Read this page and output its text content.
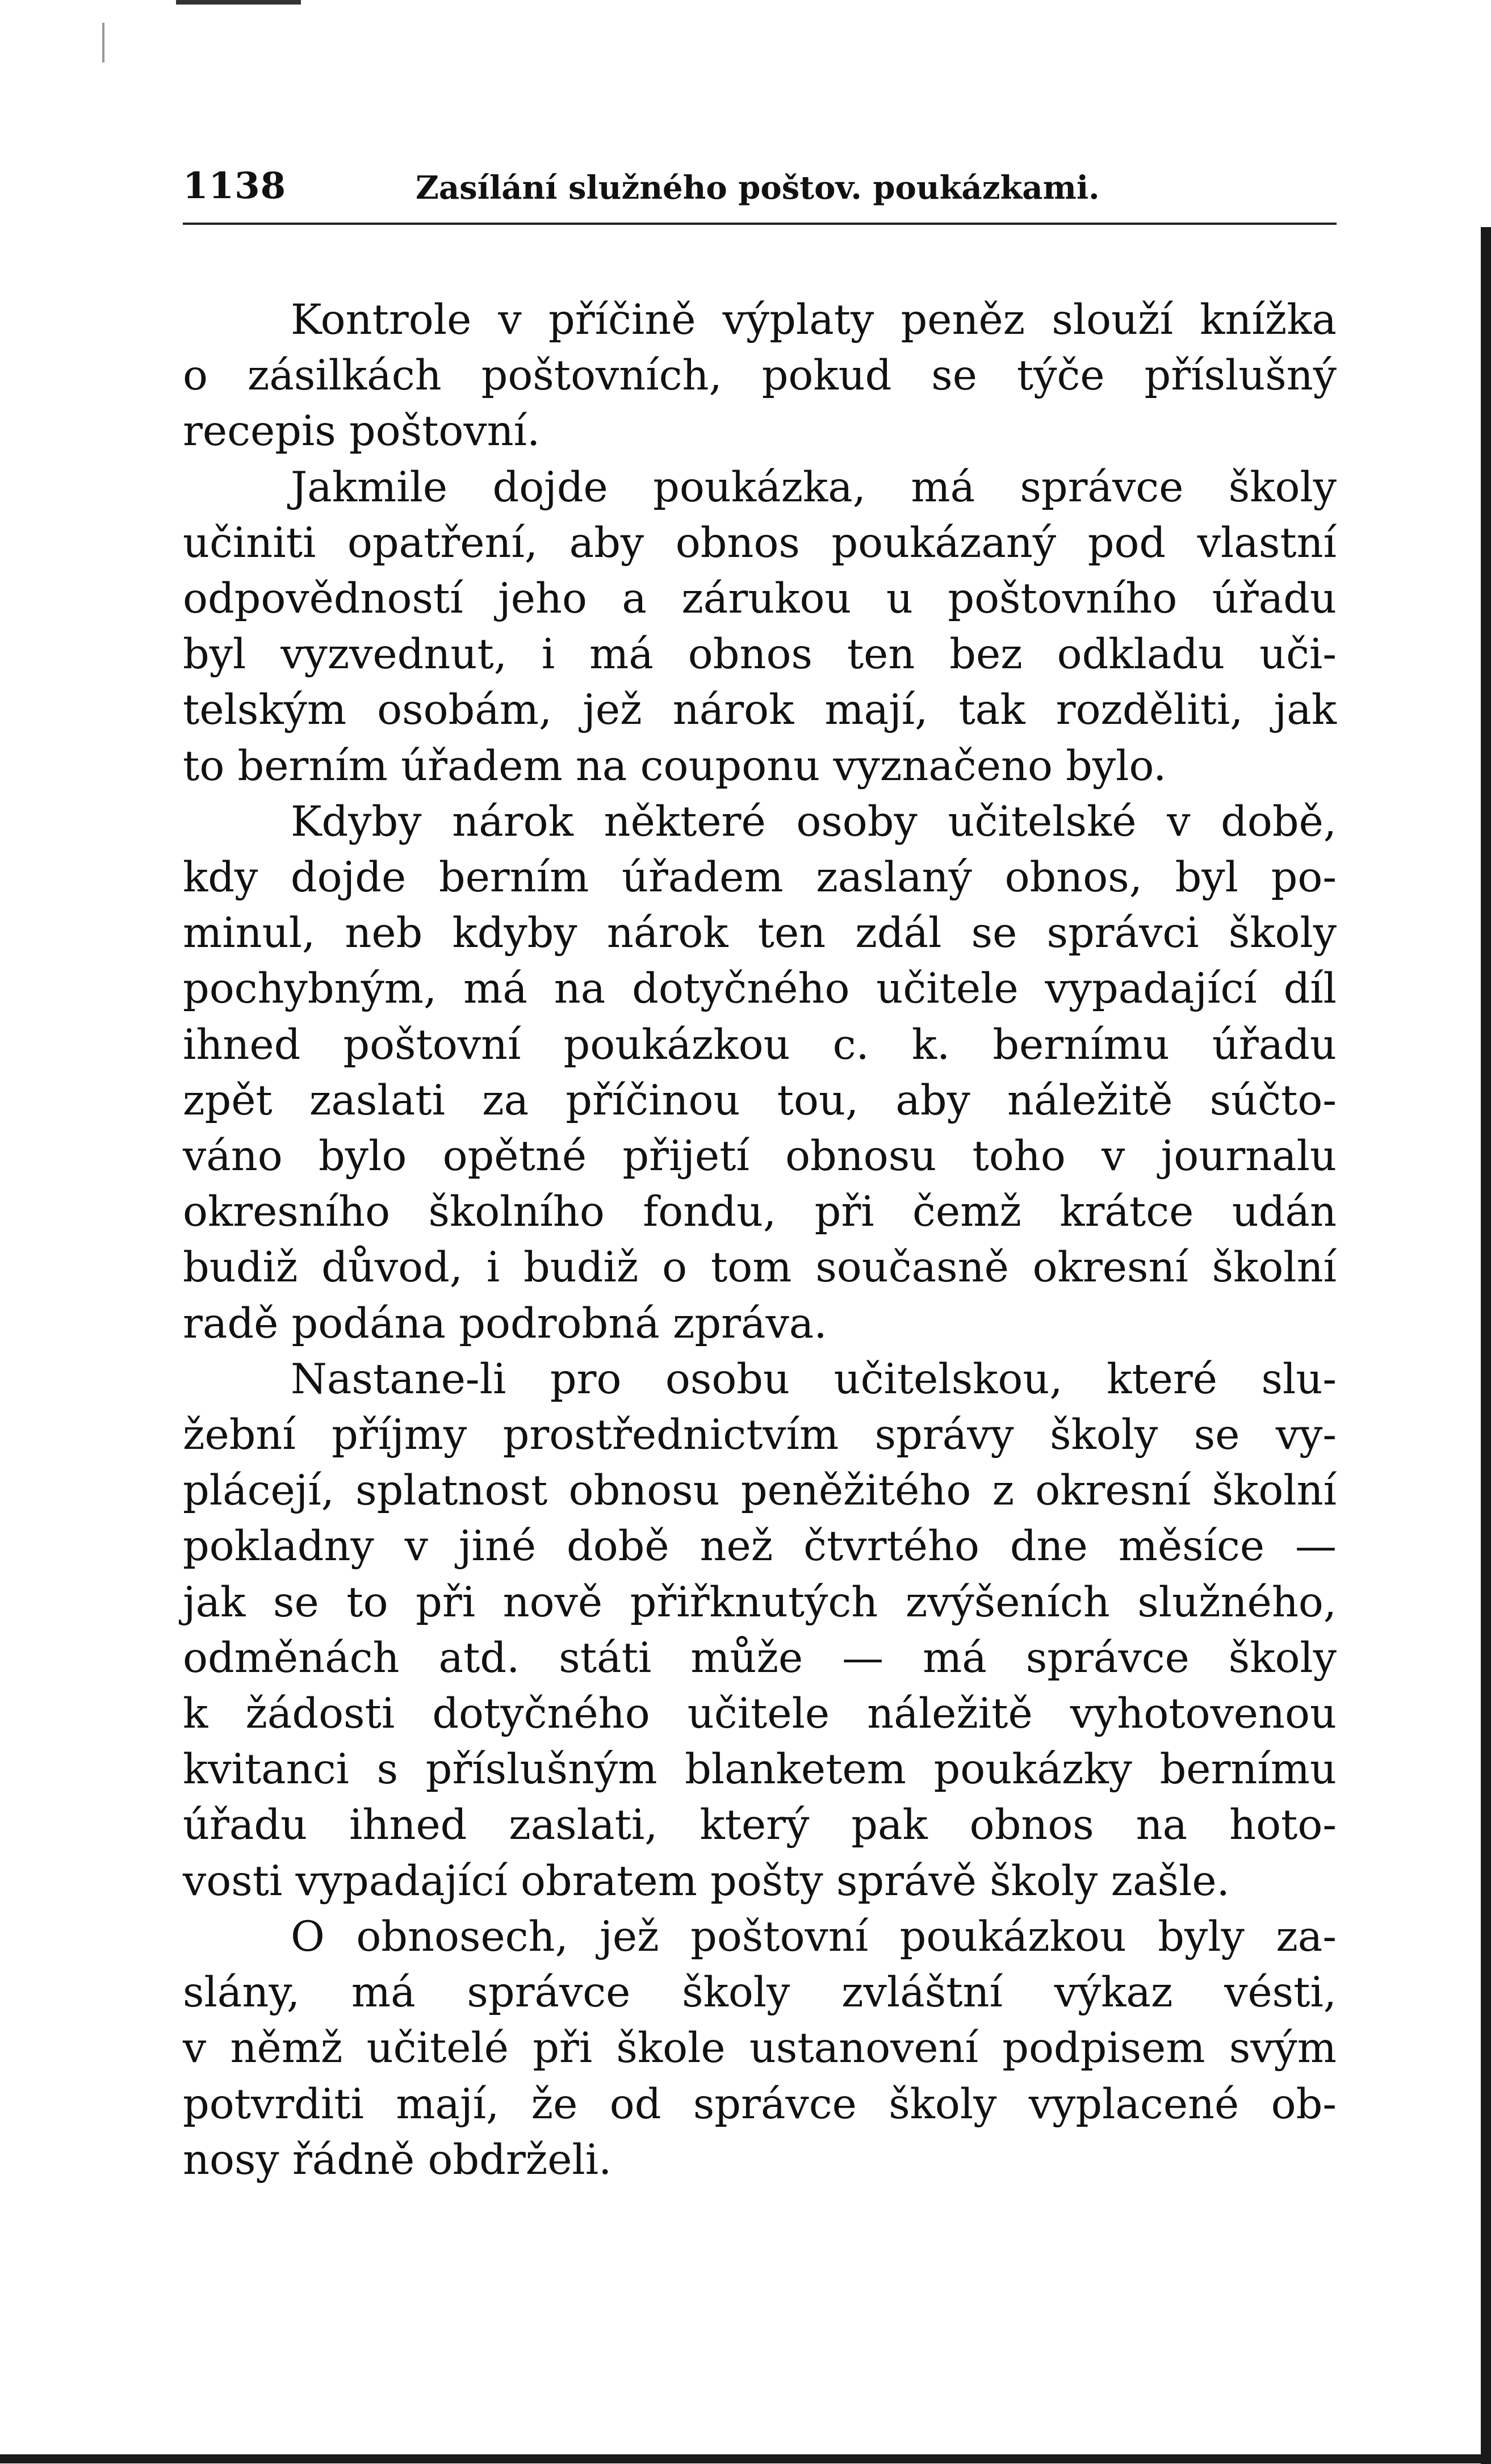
1138	Zasílání služného poštov. poukázkami.
Kontrole v příčině výplaty peněz slouží knížka
o zásilkách poštovních, pokud se týče příslušný
recepis poštovní.
Jakmile dojde poukázka, má správce školy
učiniti opatření, aby obnos poukázaný pod vlastní
odpovědností jeho a zárukou u poštovního úřadu
byl vyzvednut, i má obnos ten bez odkladu uči-
telským osobám, jež nárok mají, tak rozděliti, jak
to berním úřadem na couponu vyznačeno bylo.
Kdyby nárok některé osoby učitelské v době,
kdy dojde berním úřadem zaslaný obnos, byl po-
minul, neb kdyby nárok ten zdál se správci školy
pochybným, má na dotyčného učitele vypadající díl
ihned poštovní poukázkou c. k. bernímu úřadu
zpět zaslati za příčinou tou, aby náležitě súčto-
váno bylo opětné přijetí obnosu toho v journalu
okresního školního fondu, při čemž krátce udán
budiž důvod, i budiž o tom současně okresní školní
radě podána podrobná zpráva.
Nastane-li pro osobu učitelskou, které slu-
žební příjmy prostřednictvím správy školy se vy-
plácejí, splatnost obnosu peněžitého z okresní školní
pokladny v jiné době než čtvrtého dne měsíce —
jak se to při nově přiřknutých zvýšeních služného,
odměnách atd. státi může — má správce školy
k žádosti dotyčného učitele náležitě vyhotovenou
kvitanci s příslušným blanketem poukázky bernímu
úřadu ihned zaslati, který pak obnos na hoto-
vosti vypadající obratem pošty správě školy zašle.
O obnosech, jež poštovní poukázkou byly za-
slány, má správce školy zvláštní výkaz vésti,
v němž učitelé při škole ustanovení podpisem svým
potvrditi mají, že od správce školy vyplacené ob-
nosy řádně obdrželi.
